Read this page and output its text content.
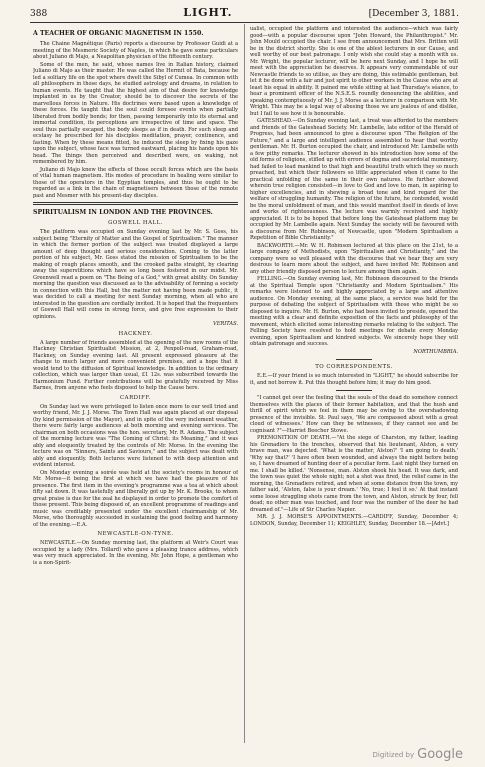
388	LIGHT.	[December 3, 1881.
A TEACHER OF ORGANIC MAGNETISM IN 1550.

The Chaine Magnétique (Paris) reports a discourse by Professor Guidi at a meeting of the Mesmeric Society of Naples, in which he gave some particulars about Juliano di Majo, a Neapolitan physician of the fifteenth century.

Some of the men, he said, whose names live in Italian history, claimed Juliano di Majo as their master. He was called the Hermit of Bata, because he led a solitary life on the spot where dwelt the Sibyl of Cumea. In common with all philosophers in those days, he studied astrology and dreams, in relation to human events. He taught that the highest aim of that desire for knowledge implanted in us by the Creator, should be to discover the secrets of the marvellous forces in Nature. His doctrines were based upon a knowledge of these forces. He taught that the soul could foresee events when partially liberated from bodily bonds; for then, passing temporarily into its eternal and immortal condition, its perceptions are irrespective of time and space. The soul thus partially escaped, the body sleeps as if in death. For such sleep and ecstasy he prescribed for his disciples meditation, prayer, continence, and fasting. When by these means fitted, he induced the sleep by fixing his gaze upon the subject, whose face was turned eastward, placing his hands upon his head. The things then perceived and described were, on waking, not remembered by him.

Juliano di Majo knew the effects of those occult forces which are the basis of vital human magnetism. His modes of procedure in healing were similar to those of the operators in the Egyptian temples, and thus he ought to be regarded as a link in the chain of magnetisers between those of the remote past and Mesmer with his present-day disciples.

SPIRITUALISM IN LONDON AND THE PROVINCES.
GOSWELL HALL.

The platform was occupied on Sunday evening last by Mr. S. Goss, his subject being "Eternity of Matter and the Gospel of Spiritualism." The manner in which the former portion of the subject was treated displayed a large amount of deep thought and serious consideration. Coming to the latter portion of his subject, Mr. Goss stated the mission of Spiritualism to be the making of rough places smooth, and the crooked paths straight, by clearing away the superstitions which have so long been fostered in our midst. Mr. Greenwell read a poem on "The Being of a God," with great ability. On Sunday morning the question was discussed as to the advisability of forming a society in connection with this Hall, but the matter not having been made public, it was decided to call a meeting for next Sunday morning, when all who are interested in the question are cordially invited. It is hoped that the frequenters of Goswell Hall will come in strong force, and give free expression to their opinions.

VERITAS.
HACKNEY.

A large number of friends assembled at the opening of the new rooms of the Hackney Christian Spiritualist Mission, at 2, Penpoll-road, Graham-road, Hackney, on Sunday evening last. All present expressed pleasure at the change to much larger and more convenient premises, and a hope that it would tend to the diffusion of Spiritual knowledge. In addition to the ordinary collection, which was larger than usual, £1 12s. was subscribed towards the Harmonium Fund. Further contributions will be gratefully received by Miss Barnes, from anyone who feels disposed to help the Cause here.

CARDIFF.

On Sunday last we were privileged to listen once more to our well tried and worthy friend, Mr. J. J. Morse. The Town Hall was again placed at our disposal (by kind permission of the Mayor), and in spite of the very inclement weather, there were fairly large audiences at both morning and evening services. The chairman on both occasions was the hon. secretary, Mr. R. Adams. The subject of the morning lecture was "The Coming of Christ: its Meaning," and it was ably and eloquently treated by the controls of Mr. Morse. In the evening the lecture was on "Sinners, Saints and Saviours," and the subject was dealt with ably and eloquently. Both lectures were listened to with deep attention and evident interest.

On Monday evening a soirée was held at the society's rooms in honour of Mr. Morse—it being the first at which we have had the pleasure of his presence. The first item in the evening's programme was a tea at which about fifty sat down. It was tastefully and liberally got up by Mr. K. Brooks, to whom great praise is due for the zeal he displayed in order to promote the comfort of those present. This being disposed of, an excellent programme of readings and music was creditably presented under the excellent chairmanship of Mr. Morse, who thoroughly succeeded in sustaining the good feeling and harmony of the evening.—E.A.

NEWCASTLE-ON-TYNE.

NEWCASTLE.—On Sunday morning last, the platform at Weir's Court was occupied by a lady (Mrs. Tollard) who gave a pleasing trance address, which was very much appreciated. In the evening, Mr. John Hope, a gentleman who is a non-Spirit-

ualist, occupied the platform and interested the audience—which was fairly good—with a popular discourse upon "John Howard, the Philanthropist." Mr. John Mould occupied the chair. I see from announcement that Mrs. Britten will be in the district shortly. She is one of the ablest lecturers in our Cause, and well worthy of our best patronage. I only wish she could stay a month with us. Mr. Wright, the popular lecturer, will be here next Sunday, and I hope he will meet with the appreciation he deserves. It appears very commendable of our Newcastle friends to so utilise, as they are doing, this estimable gentleman, but let it be done with a fair and just spirit to other workers in the Cause who are at least his equal in ability. It pained me while sitting at last Thursday's séance, to hear a prominent officer of the N.S.E.S. roundly denouncing the abilities, and speaking contemptuously of Mr. J. J. Morse as a lecturer in comparison with Mr. Wright. This may be a legal way of abusing those we are jealous of and dislike, but I fail to see how it is honourable.

GATESHEAD.—On Sunday evening last, a treat was afforded to the members and friends of the Gateshead Society. Mr. Lambelle, late editor of the Herald of Progress, had been announced to give a discourse upon "The Religion of the Future," and a large and intelligent audience assembled to hear that worthy gentleman. Mr. H. Burton occupied the chair, and introduced Mr. Lambelle with a few pithy remarks. The lecturer showed in his introduction how some of the old forms of religions, stifled up with errors of dogma and sacerdotal mummery, had failed to lead mankind to that high and beautiful truth which they so much preached, but which their followers so little appreciated when it came to the practical unfolding of the same in their own natures. He further showed wherein true religion consisted—in love to God and love to man, in aspiring to higher excellencies, and in shewing a broad tone and kind regard for the welfare of struggling humanity. The religion of the future, he contended, would be the moral unfoldment of man, and this would manifest itself in deeds of love and works of righteousness. The lecture was warmly received and highly appreciated. It is to be hoped that before long the Gateshead platform may be occupied by Mr. Lambelle again. Next Sunday the society will be favoured with a discourse from Mr. Robinson, of Newcastle, upon "Modern Spiritualism a Repetition of Bible Christianity."

BACKWORTH.—Mr. W. H. Robinson lectured at this place on the 21st, to a large company of Methodists, upon "Spiritualism and Christianity," and the company were so well pleased with the discourse that we hear they are very desirous to learn more about the subject, and have invited Mr. Robinson and any other friendly disposed person to lecture among them again.

FELLING.—On Sunday evening last, Mr. Robinson discoursed to the friends at the Spiritual Temple upon "Christianity and Modern Spiritualism." His remarks were listened to and highly appreciated by a large and attentive audience. On Monday evening, at the same place, a service was held for the purpose of debating the subject of Spiritualism with those who might be so disposed to inquire. Mr. H. Burton, who had been invited to preside, opened the meeting with a clear and definite exposition of the facts and philosophy of the movement, which elicited some interesting remarks relating to the subject. The Felling Society have resolved to hold meetings for debate every Monday evening, upon Spiritualism and kindred subjects. We sincerely hope they will obtain patronage and success.

NORTHUMBRIA.
TO CORRESPONDENTS.

E.E.—If your friend is so much interested in "LIGHT," he should subscribe for it, and not borrow it. Put this thought before him; it may do him good.

"I cannot get over the feeling that the souls of the dead do somehow connect themselves with the places of their former habitation, and that the hush and thrill of spirit which we feel in them may be owing to the overshadowing presence of the invisible. St. Paul says, 'We are compassed about with a great cloud of witnesses.' How can they be witnesses, if they cannot see and be cognisant ?"—Harriet Beecher Stowe.

PREMONITION OF DEATH.—"At the siege of Charston, my father, leading his Grenadiers to the trenches, observed that his lieutenant, Alston, a very brave man, was dejected. 'What is the matter, Alston?' 'I am going to death.' 'Why say that?' 'I have often been wounded, and always the night before being so, I have dreamed of hunting deer of a peculiar form. Last night they turned on me. I shall be killed.' 'Nonsense, man. Alston shook his head. It was dark, and the town was quiet the whole night; not a shot was fired, the relief came in the morning, the Grenadiers retired, and when at some distance from the town, my father said, 'Alston, false is your dream.' 'No, true; I feel it so.' At that instant some loose straggling shots came from the town, and Alston, struck by four, fell dead; no other man was touched, and four was the number of the deer he had dreamed of."—Life of Sir Charles Napier.

MR. J. J. MORSE'S APPOINTMENTS.—CARDIFF, Sunday, December 4; LONDON, Sunday, December 11; KEIGHLEY, Sunday, December 18.—[Advt.]

Digitized by Google
